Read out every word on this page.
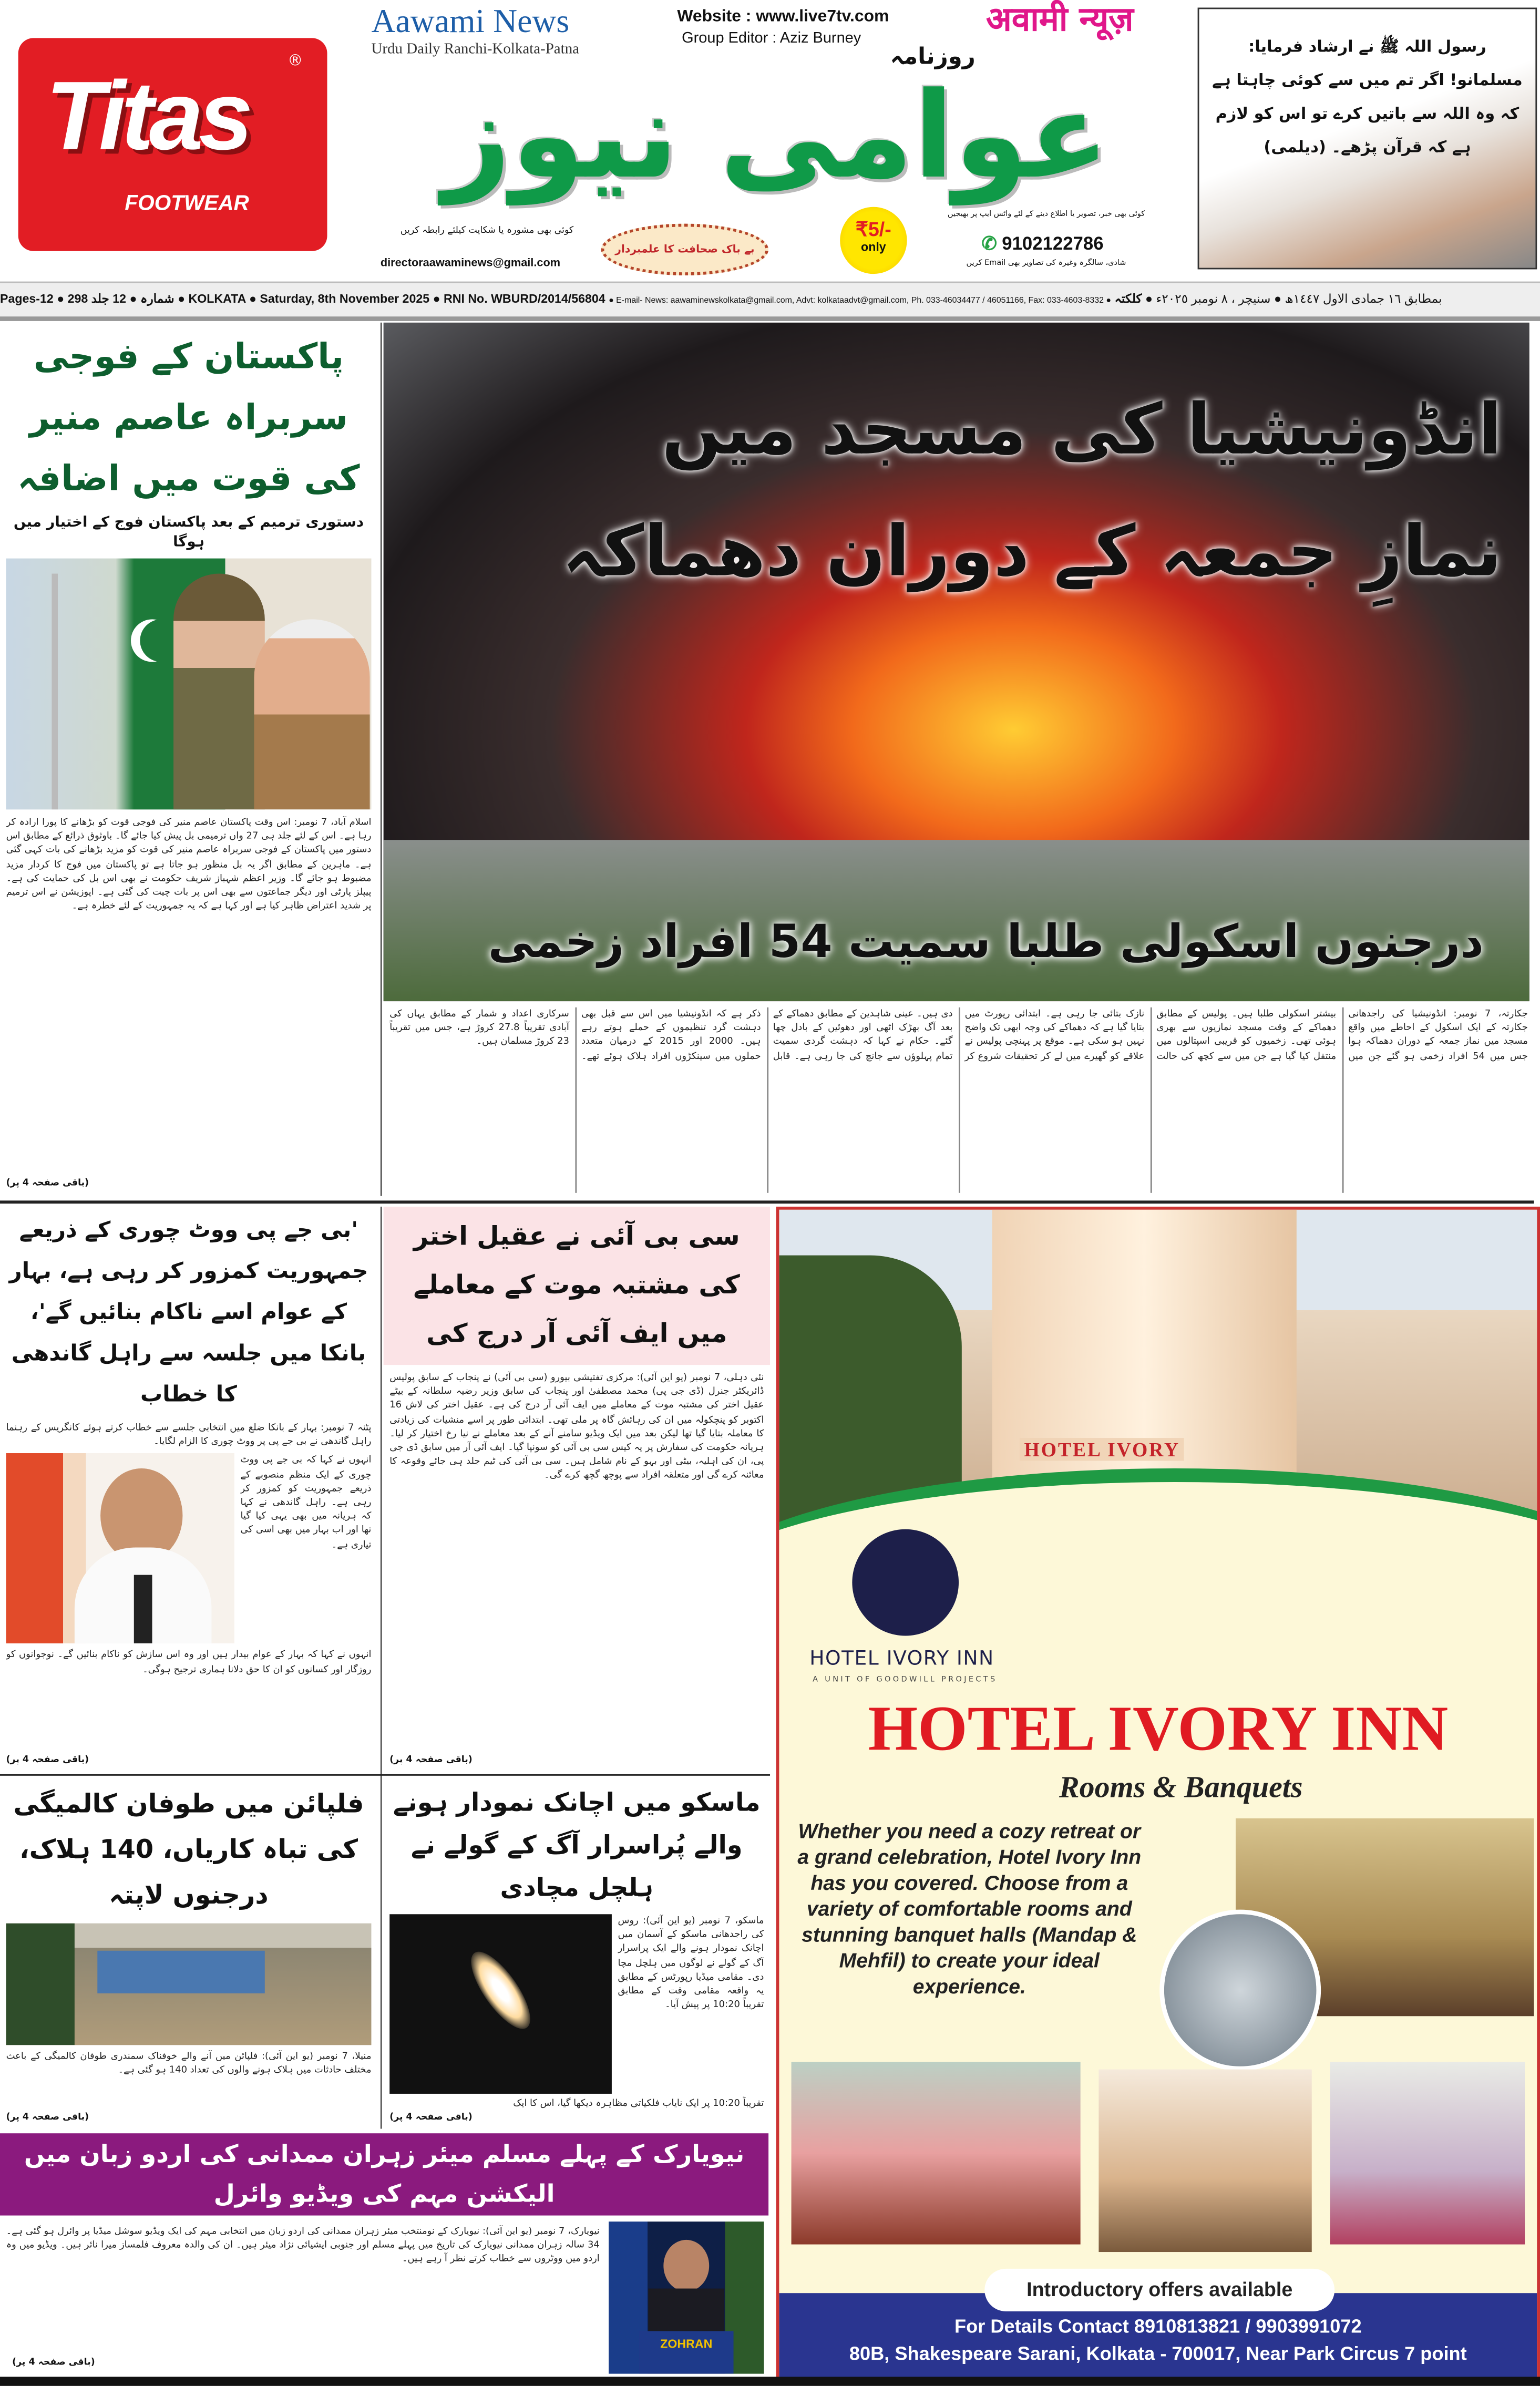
Titas
FOOTWEAR
®
Aawami News
Urdu Daily Ranchi-Kolkata-Patna
Website : www.live7tv.com
Group Editor : Aziz Burney	अवामी न्यूज़
روزنامہ
عوامی نیوز
کوئی بھی مشورہ یا شکایت کیلئے رابطہ کریں
directoraawaminews@gmail.com
بے باک صحافت کا علمبردار
₹5/-
only
کوئی بھی خبر، تصویر یا اطلاع دینے کے لئے واٹس ایپ پر بھیجیں
✆ 9102122786
شادی، سالگرہ وغیرہ کی تصاویر بھی Email کریں

رسول اللہ ﷺ نے ارشاد فرمایا: مسلمانو! اگر تم میں سے کوئی چاہتا ہے کہ وہ اللہ سے باتیں کرے تو اس کو لازم ہے کہ قرآن پڑھے۔ (دیلمی)

Pages-12 ● 298 شمارہ ● 12 جلد	● KOLKATA ● Saturday, 8th November 2025 ● RNI No. WBURD/2014/56804 ● E-mail- News: aawaminewskolkata@gmail.com, Advt: kolkataadvt@gmail.com, Ph. 033-46034477 / 46051166, Fax: 033-4603-8332 ●	بمطابق ١٦ جمادی الاول ١٤٤٧ھ ● سنیچر ، ٨ نومبر ٢٠٢٥ء ● کلکتہ
پاکستان کے فوجی سربراہ عاصم منیر کی قوت میں اضافہ
دستوری ترمیم کے بعد پاکستان فوج کے اختیار میں ہوگا
اسلام آباد، 7 نومبر: اس وقت پاکستان عاصم منیر کی فوجی قوت کو بڑھانے کا پورا ارادہ کر رہا ہے۔ اس کے لئے جلد ہی 27 واں ترمیمی بل پیش کیا جائے گا۔ باوثوق ذرائع کے مطابق اس دستور میں پاکستان کے فوجی سربراہ عاصم منیر کی قوت کو مزید بڑھانے کی بات کہی گئی ہے۔ ماہرین کے مطابق اگر یہ بل منظور ہو جاتا ہے تو پاکستان میں فوج کا کردار مزید مضبوط ہو جائے گا۔ وزیر اعظم شہباز شریف حکومت نے بھی اس بل کی حمایت کی ہے۔ پیپلز پارٹی اور دیگر جماعتوں سے بھی اس پر بات چیت کی گئی ہے۔ اپوزیشن نے اس ترمیم پر شدید اعتراض ظاہر کیا ہے اور کہا ہے کہ یہ جمہوریت کے لئے خطرہ ہے۔
(باقی صفحہ 4 پر)
انڈونیشیا کی مسجد میں
نمازِ جمعہ کے دوران دھماکہ
درجنوں اسکولی طلبا سمیت 54 افراد زخمی
جکارتہ، 7 نومبر: انڈونیشیا کی راجدھانی جکارتہ کے ایک اسکول کے احاطے میں واقع مسجد میں نماز جمعہ کے دوران دھماکہ ہوا جس میں 54 افراد زخمی ہو گئے جن میں بیشتر اسکولی طلبا ہیں۔ پولیس کے مطابق دھماکے کے وقت مسجد نمازیوں سے بھری ہوئی تھی۔ زخمیوں کو قریبی اسپتالوں میں منتقل کیا گیا ہے جن میں سے کچھ کی حالت نازک بتائی جا رہی ہے۔ ابتدائی رپورٹ میں بتایا گیا ہے کہ دھماکے کی وجہ ابھی تک واضح نہیں ہو سکی ہے۔ موقع پر پہنچی پولیس نے علاقے کو گھیرے میں لے کر تحقیقات شروع کر دی ہیں۔ عینی شاہدین کے مطابق دھماکے کے بعد آگ بھڑک اٹھی اور دھوئیں کے بادل چھا گئے۔ حکام نے کہا کہ دہشت گردی سمیت تمام پہلوؤں سے جانچ کی جا رہی ہے۔ قابل ذکر ہے کہ انڈونیشیا میں اس سے قبل بھی دہشت گرد تنظیموں کے حملے ہوتے رہے ہیں۔ 2000 اور 2015 کے درمیان متعدد حملوں میں سینکڑوں افراد ہلاک ہوئے تھے۔ سرکاری اعداد و شمار کے مطابق یہاں کی آبادی تقریباً 27.8 کروڑ ہے، جس میں تقریباً 23 کروڑ مسلمان ہیں۔
'بی جے پی ووٹ چوری کے ذریعے جمہوریت کمزور کر رہی ہے، بہار کے عوام اسے ناکام بنائیں گے'، بانکا میں جلسہ سے راہل گاندھی کا خطاب
پٹنہ 7 نومبر: بہار کے بانکا ضلع میں انتخابی جلسے سے خطاب کرتے ہوئے کانگریس کے رہنما راہل گاندھی نے بی جے پی پر ووٹ چوری کا الزام لگایا۔
انہوں نے کہا کہ بی جے پی ووٹ چوری کے ایک منظم منصوبے کے ذریعے جمہوریت کو کمزور کر رہی ہے۔ راہل گاندھی نے کہا کہ ہریانہ میں بھی یہی کیا گیا تھا اور اب بہار میں بھی اسی کی تیاری ہے۔
انہوں نے کہا کہ بہار کے عوام بیدار ہیں اور وہ اس سازش کو ناکام بنائیں گے۔ نوجوانوں کو روزگار اور کسانوں کو ان کا حق دلانا ہماری ترجیح ہوگی۔
(باقی صفحہ 4 پر)
سی بی آئی نے عقیل اختر کی مشتبہ موت کے معاملے میں ایف آئی آر درج کی
نئی دہلی، 7 نومبر (یو این آئی): مرکزی تفتیشی بیورو (سی بی آئی) نے پنجاب کے سابق پولیس ڈائریکٹر جنرل (ڈی جی پی) محمد مصطفیٰ اور پنجاب کی سابق وزیر رضیہ سلطانہ کے بیٹے عقیل اختر کی مشتبہ موت کے معاملے میں ایف آئی آر درج کی ہے۔ عقیل اختر کی لاش 16 اکتوبر کو پنچکولہ میں ان کی رہائش گاہ پر ملی تھی۔ ابتدائی طور پر اسے منشیات کی زیادتی کا معاملہ بتایا گیا تھا لیکن بعد میں ایک ویڈیو سامنے آنے کے بعد معاملے نے نیا رخ اختیار کر لیا۔ ہریانہ حکومت کی سفارش پر یہ کیس سی بی آئی کو سونپا گیا۔ ایف آئی آر میں سابق ڈی جی پی، ان کی اہلیہ، بیٹی اور بہو کے نام شامل ہیں۔ سی بی آئی کی ٹیم جلد ہی جائے وقوعہ کا معائنہ کرے گی اور متعلقہ افراد سے پوچھ گچھ کرے گی۔
(باقی صفحہ 4 پر)
فلپائن میں طوفان کالمیگی کی تباہ کاریاں، 140 ہلاک، درجنوں لاپتہ
منیلا، 7 نومبر (یو این آئی): فلپائن میں آنے والے خوفناک سمندری طوفان کالمیگی کے باعث مختلف حادثات میں ہلاک ہونے والوں کی تعداد 140 ہو گئی ہے۔
(باقی صفحہ 4 پر)
ماسکو میں اچانک نمودار ہونے والے پُراسرار آگ کے گولے نے ہلچل مچادی
ماسکو، 7 نومبر (یو این آئی): روس کی راجدھانی ماسکو کے آسمان میں اچانک نمودار ہونے والے ایک پراسرار آگ کے گولے نے لوگوں میں ہلچل مچا دی۔ مقامی میڈیا رپورٹس کے مطابق یہ واقعہ مقامی وقت کے مطابق تقریباً 10:20 پر پیش آیا۔
تقریباً 10:20 پر ایک نایاب فلکیاتی مظاہرہ دیکھا گیا، اس کا ایک
(باقی صفحہ 4 پر)
نیویارک کے پہلے مسلم میئر زہران ممدانی کی اردو زبان میں الیکشن مہم کی ویڈیو وائرل
نیویارک، 7 نومبر (یو این آئی): نیویارک کے نومنتخب میئر زہران ممدانی کی اردو زبان میں انتخابی مہم کی ایک ویڈیو سوشل میڈیا پر وائرل ہو گئی ہے۔ 34 سالہ زہران ممدانی نیویارک کی تاریخ میں پہلے مسلم اور جنوبی ایشیائی نژاد میئر ہیں۔ ان کی والدہ معروف فلمساز میرا نائر ہیں۔ ویڈیو میں وہ اردو میں ووٹروں سے خطاب کرتے نظر آ رہے ہیں۔
(باقی صفحہ 4 پر)
ZOHRAN
HOTEL IVORY
HOTEL IVORY INN
A UNIT OF GOODWILL PROJECTS
HOTEL IVORY INN
Rooms & Banquets
Whether you need a cozy retreat or a grand celebration, Hotel Ivory Inn has you covered. Choose from a variety of comfortable rooms and stunning banquet halls (Mandap & Mehfil) to create your ideal experience.
Introductory offers available
For Details Contact 8910813821 / 9903991072
80B, Shakespeare Sarani, Kolkata - 700017, Near Park Circus 7 point
